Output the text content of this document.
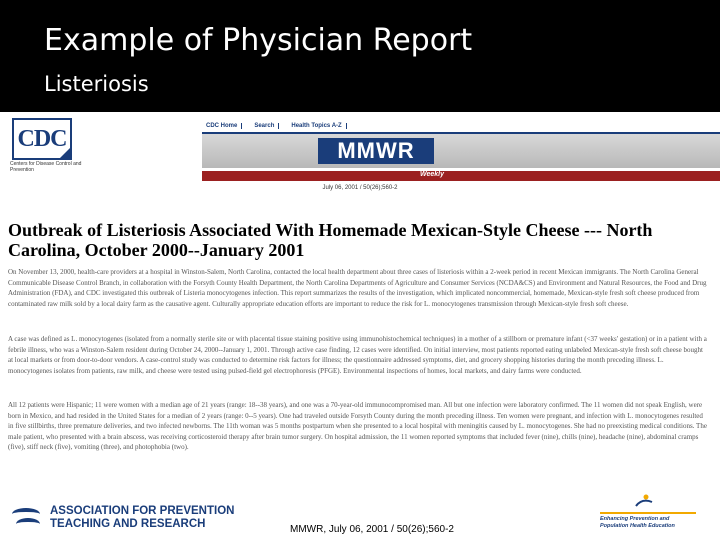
Example of Physician Report
Listeriosis
CDC
Centers for Disease Control and Prevention
CDC Home	Search	Health Topics A-Z
MMWR
Weekly
July 06, 2001 / 50(26);560-2
Outbreak of Listeriosis Associated With Homemade Mexican-Style Cheese --- North Carolina, October 2000--January 2001

On November 13, 2000, health-care providers at a hospital in Winston-Salem, North Carolina, contacted the local health department about three cases of listeriosis within a 2-week period in recent Mexican immigrants. The North Carolina General Communicable Disease Control Branch, in collaboration with the Forsyth County Health Department, the North Carolina Departments of Agriculture and Consumer Services (NCDA&CS) and Environment and Natural Resources, the Food and Drug Administration (FDA), and CDC investigated this outbreak of Listeria monocytogenes infection. This report summarizes the results of the investigation, which implicated noncommercial, homemade, Mexican-style fresh soft cheese produced from contaminated raw milk sold by a local dairy farm as the causative agent. Culturally appropriate education efforts are important to reduce the risk for L. monocytogenes transmission through Mexican-style fresh soft cheese.

A case was defined as L. monocytogenes (isolated from a normally sterile site or with placental tissue staining positive using immunohistochemical techniques) in a mother of a stillborn or premature infant (<37 weeks' gestation) or in a patient with a febrile illness, who was a Winston-Salem resident during October 24, 2000--January 1, 2001. Through active case finding, 12 cases were identified. On initial interview, most patients reported eating unlabeled Mexican-style fresh soft cheese bought at local markets or from door-to-door vendors. A case-control study was conducted to determine risk factors for illness; the questionnaire addressed symptoms, diet, and grocery shopping histories during the month preceding illness. L. monocytogenes isolates from patients, raw milk, and cheese were tested using pulsed-field gel electrophoresis (PFGE). Environmental inspections of homes, local markets, and dairy farms were conducted.

All 12 patients were Hispanic; 11 were women with a median age of 21 years (range: 18--38 years), and one was a 70-year-old immunocompromised man. All but one infection were laboratory confirmed. The 11 women did not speak English, were born in Mexico, and had resided in the United States for a median of 2 years (range: 0--5 years). One had traveled outside Forsyth County during the month preceding illness. Ten women were pregnant, and infection with L. monocytogenes resulted in five stillbirths, three premature deliveries, and two infected newborns. The 11th woman was 5 months postpartum when she presented to a local hospital with meningitis caused by L. monocytogenes. She had no preexisting medical conditions. The male patient, who presented with a brain abscess, was receiving corticosteroid therapy after brain tumor surgery. On hospital admission, the 11 women reported symptoms that included fever (nine), chills (nine), headache (nine), abdominal cramps (five), stiff neck (five), vomiting (three), and photophobia (two).

ASSOCIATION FOR PREVENTION
TEACHING AND RESEARCH	MMWR, July 06, 2001 / 50(26);560-2
Enhancing Prevention and
Population Health Education
